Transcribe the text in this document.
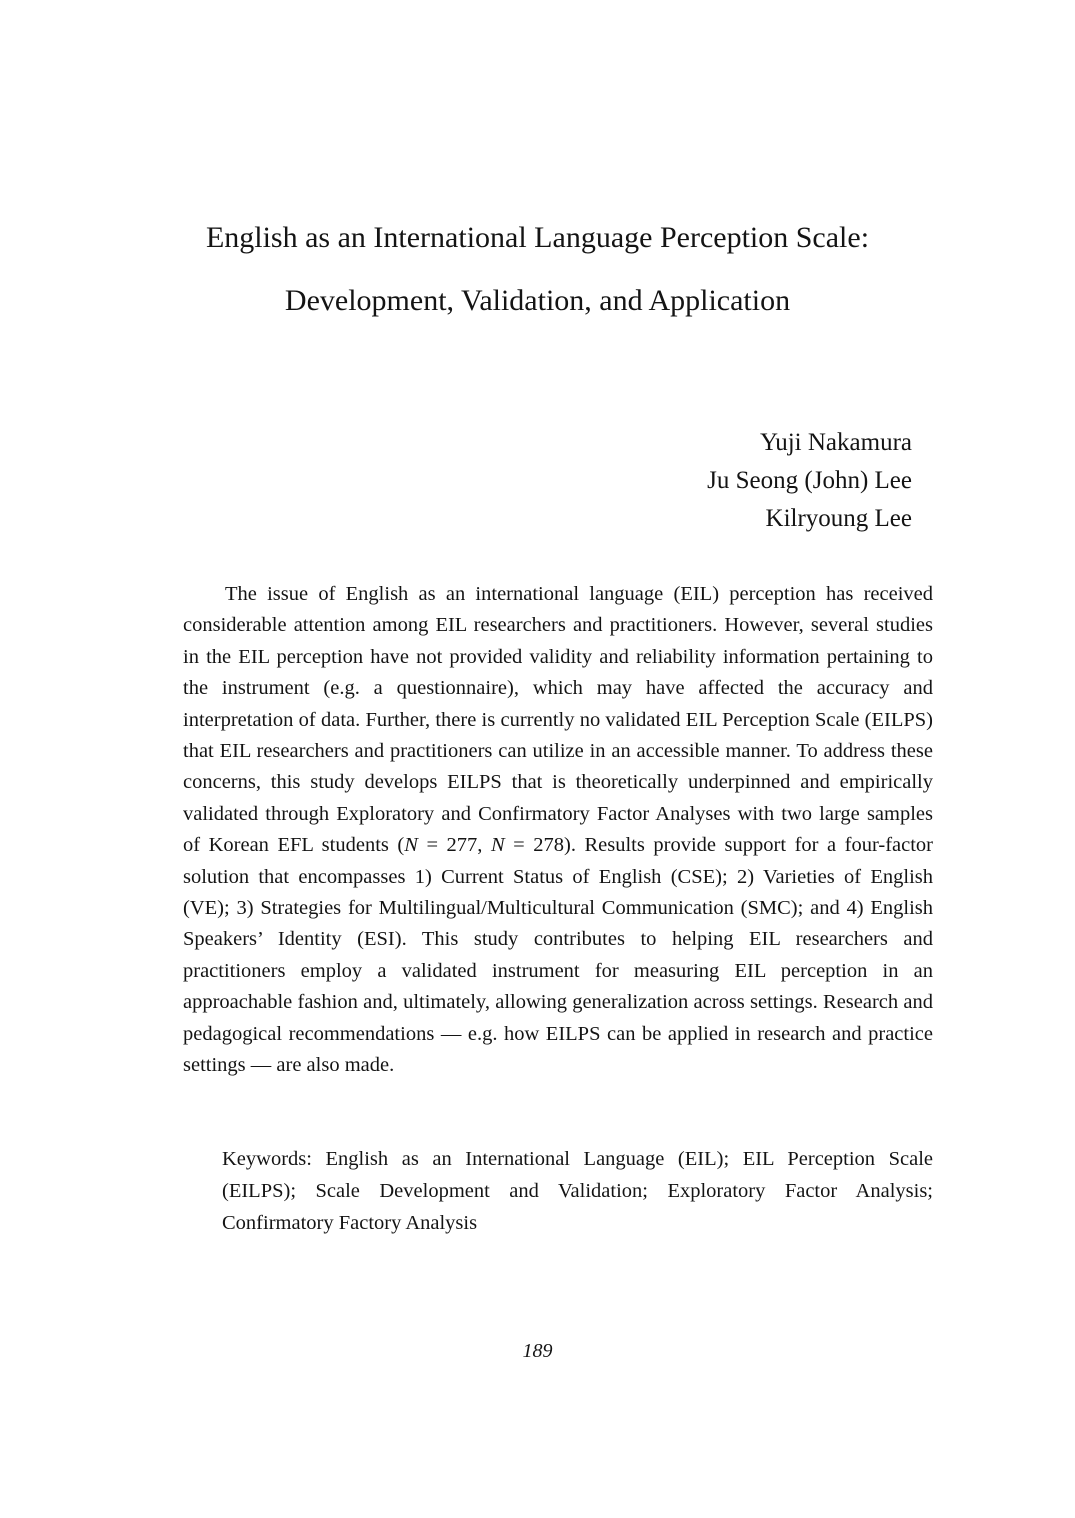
English as an International Language Perception Scale:
Development, Validation, and Application
Yuji Nakamura
Ju Seong (John) Lee
Kilryoung Lee

The issue of English as an international language (EIL) perception has received considerable attention among EIL researchers and practitioners. However, several studies in the EIL perception have not provided validity and reliability information pertaining to the instrument (e.g. a questionnaire), which may have affected the accuracy and interpretation of data. Further, there is currently no validated EIL Perception Scale (EILPS) that EIL researchers and practitioners can utilize in an accessible manner. To address these concerns, this study develops EILPS that is theoretically underpinned and empirically validated through Exploratory and Confirmatory Factor Analyses with two large samples of Korean EFL students (N = 277, N = 278). Results provide support for a four-factor solution that encompasses 1) Current Status of English (CSE); 2) Varieties of English (VE); 3) Strategies for Multilingual/Multicultural Communication (SMC); and 4) English Speakers’ Identity (ESI). This study contributes to helping EIL researchers and practitioners employ a validated instrument for measuring EIL perception in an approachable fashion and, ultimately, allowing generalization across settings. Research and pedagogical recommendations — e.g. how EILPS can be applied in research and practice settings — are also made.

Keywords: English as an International Language (EIL); EIL Perception Scale (EILPS); Scale Development and Validation; Exploratory Factor Analysis; Confirmatory Factory Analysis

189
